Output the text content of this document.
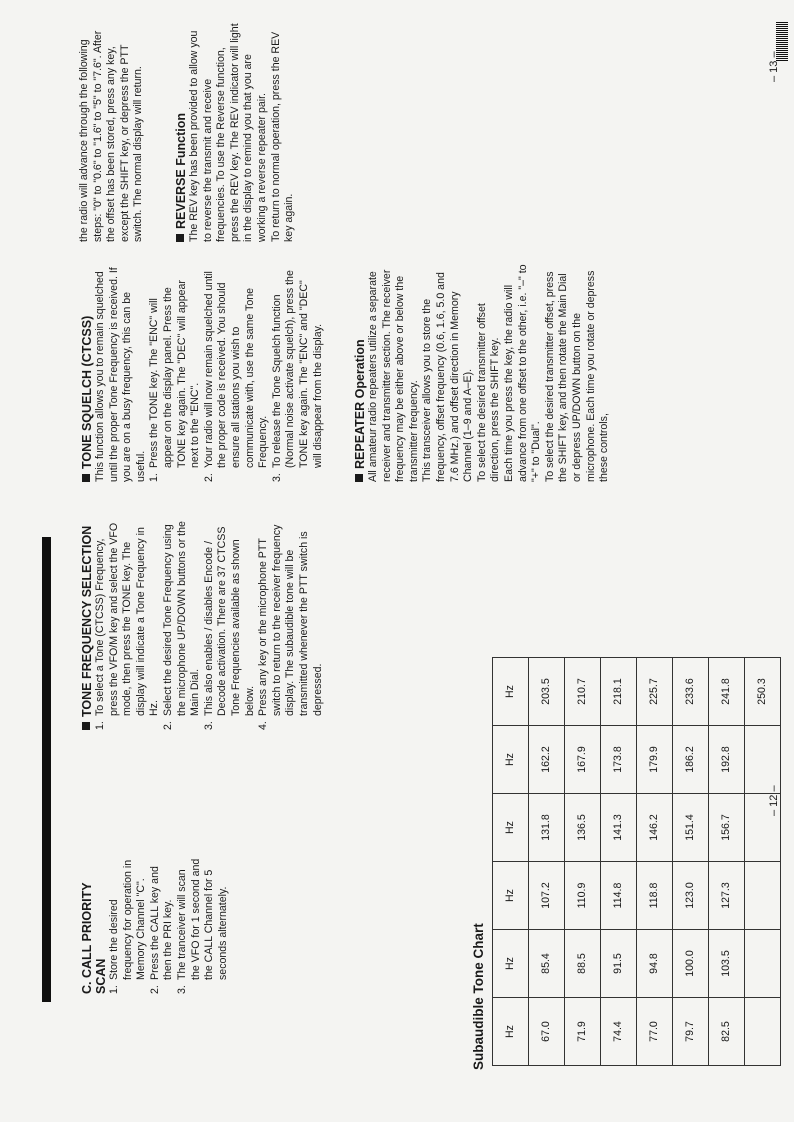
C. CALL PRIORITY SCAN 1.
Store the desired frequency for operation in Memory Channel "C".
2.
Press the CALL key and then the PRI key.
3.
The tranceiver will scan the VFO for 1 second and the CALL Channel for 5 seconds alternately.

TONE FREQUENCY SELECTION

1.
To select a Tone (CTCSS) Frequency, press the VFO/M key and select the VFO mode, then press the TONE key. The display will indicate a Tone Frequency in Hz.
2.
Select the desired Tone Frequency using the microphone UP/DOWN buttons or the Main Dial.
3.
This also enables / disables Encode / Decode activation. There are 37 CTCSS Tone Frequencies available as shown below.
4.
Press any key or the microphone PTT switch to return to the receiver frequency display. The subaudible tone will be transmitted whenever the PTT switch is depressed.
Subaudible Tone Chart Hz	Hz	Hz	Hz	Hz	Hz
67.0	85.4	107.2	131.8	162.2	203.5
71.9	88.5	110.9	136.5	167.9	210.7
74.4	91.5	114.8	141.3	173.8	218.1
77.0	94.8	118.8	146.2	179.9	225.7
79.7	100.0	123.0	151.4	186.2	233.6
82.5	103.5	127.3	156.7	192.8	241.8
					250.3
– 12 –

TONE SQUELCH (CTCSS) This function allows you to remain squelched until the proper Tone Frequency is received. If you are on a busy frequency, this can be useful. 1.
Press the TONE key. The "ENC" will appear on the display panel. Press the TONE key again. The "DEC" will appear next to the "ENC".
2.
Your radio will now remain squelched until the proper code is received. You should ensure all stations you wish to communicate with, use the same Tone Frequency.
3.
To release the Tone Squelch function (Normal noise activate squelch), press the TONE key again. The "ENC" and "DEC" will disappear from the display. REPEATER Operation All amateur radio repeaters utilize a separate receiver and transmitter section. The receiver frequency may be either above or below the transmitter frequency. This transceiver allows you to store the frequency, offset frequency (0.6, 1.6, 5.0 and 7.6 MHz.) and offset direction in Memory Channel (1–9 and A–E). To select the desired transmitter offset direction, press the SHIFT key. Each time you press the key, the radio will advance from one offset to the other, i.e. "–" to "+" to "Dual". To select the desired transmitter offset, press the SHIFT key, and then rotate the Main Dial or depress UP/DOWN button on the microphone. Each time you rotate or depress these controls,

the radio will advance through the following steps: "0" to "0.6" to "1.6" to "5" to "7.6". After the offset has been stored, press any key, except the SHIFT key, or depress the PTT switch. The normal display will return. REVERSE Function The REV key has been provided to allow you to reverse the transmit and receive frequencies. To use the Reverse function, press the REV key. The REV indicator will light in the display to remind you that you are working a reverse repeater pair. To return to normal operation, press the REV key again.

– 13 –
